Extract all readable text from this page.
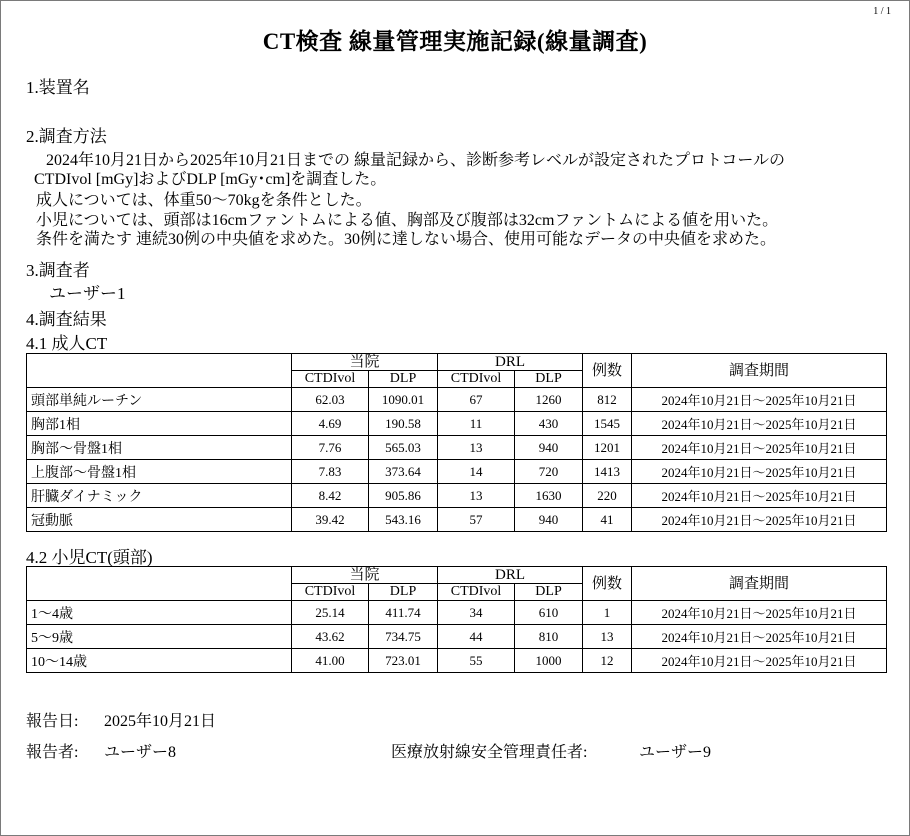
1 / 1
CT検査 線量管理実施記録(線量調査)
1.装置名
2.調査方法
2024年10月21日から2025年10月21日までの 線量記録から、診断参考レベルが設定されたプロトコールの
CTDIvol [mGy]およびDLP [mGy･cm]を調査した。
成人については、体重50～70kgを条件とした。
小児については、頭部は16cmファントムによる値、胸部及び腹部は32cmファントムによる値を用いた。
条件を満たす 連続30例の中央値を求めた。30例に達しない場合、使用可能なデータの中央値を求めた。
3.調査者
ユーザー1
4.調査結果
4.1 成人CT
	当院		DRL		例数	調査期間
	CTDIvol	DLP	CTDIvol	DLP		
頭部単純ルーチン	62.03	1090.01	67	1260	812	2024年10月21日～2025年10月21日
胸部1相	4.69	190.58	11	430	1545	2024年10月21日～2025年10月21日
胸部～骨盤1相	7.76	565.03	13	940	1201	2024年10月21日～2025年10月21日
上腹部～骨盤1相	7.83	373.64	14	720	1413	2024年10月21日～2025年10月21日
肝臓ダイナミック	8.42	905.86	13	1630	220	2024年10月21日～2025年10月21日
冠動脈	39.42	543.16	57	940	41	2024年10月21日～2025年10月21日
4.2 小児CT(頭部)
	当院		DRL		例数	調査期間
	CTDIvol	DLP	CTDIvol	DLP		
1～4歳	25.14	411.74	34	610	1	2024年10月21日～2025年10月21日
5～9歳	43.62	734.75	44	810	13	2024年10月21日～2025年10月21日
10～14歳	41.00	723.01	55	1000	12	2024年10月21日～2025年10月21日
報告日: 2025年10月21日
報告者: ユーザー8	医療放射線安全管理責任者:	ユーザー9
